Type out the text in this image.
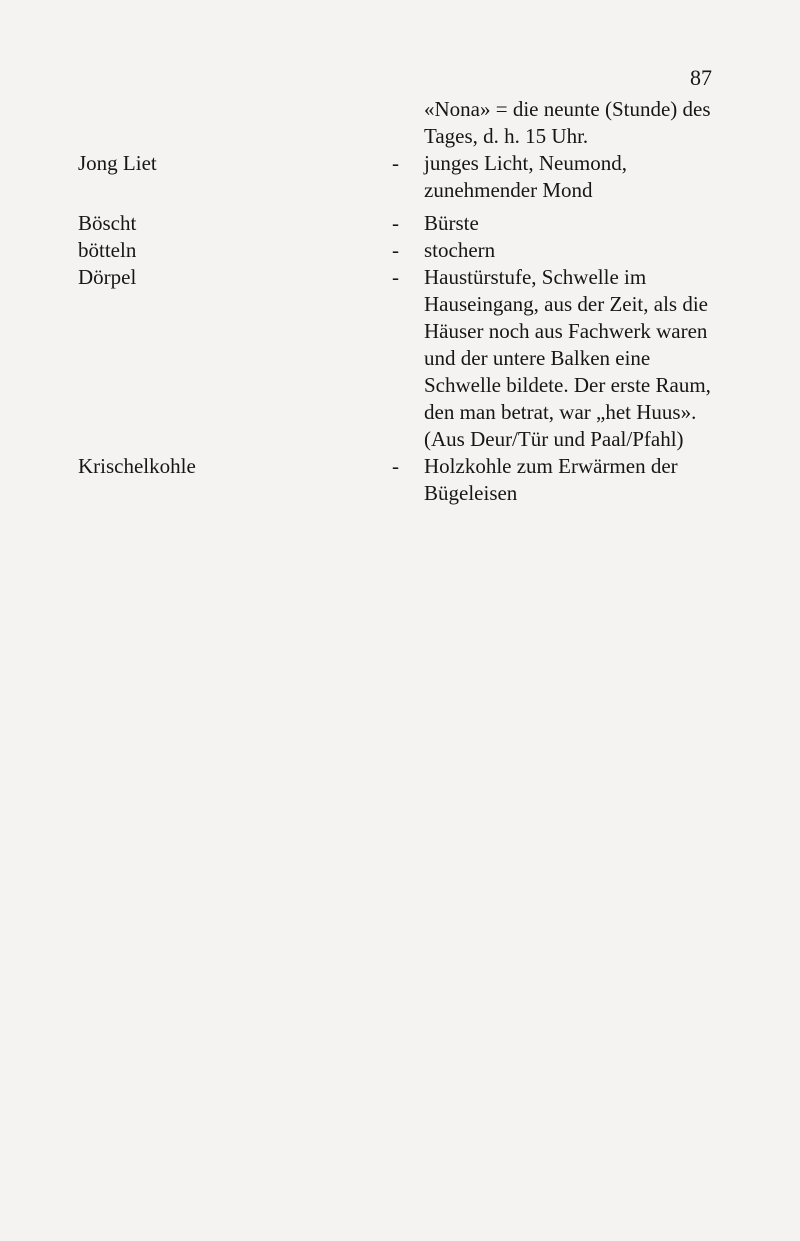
87
«Nona» = die neunte (Stunde) des Tages, d. h. 15 Uhr.
Jong Liet	- junges Licht, Neumond, zunehmender Mond
Böscht	- Bürste
bötteln	- stochern
Dörpel	- Haustürstufe, Schwelle im Hauseingang, aus der Zeit, als die Häuser noch aus Fachwerk waren und der untere Balken eine Schwelle bildete. Der erste Raum, den man betrat, war „het Huus». (Aus Deur/Tür und Paal/Pfahl)
Krischelkohle	- Holzkohle zum Erwärmen der Bügeleisen
